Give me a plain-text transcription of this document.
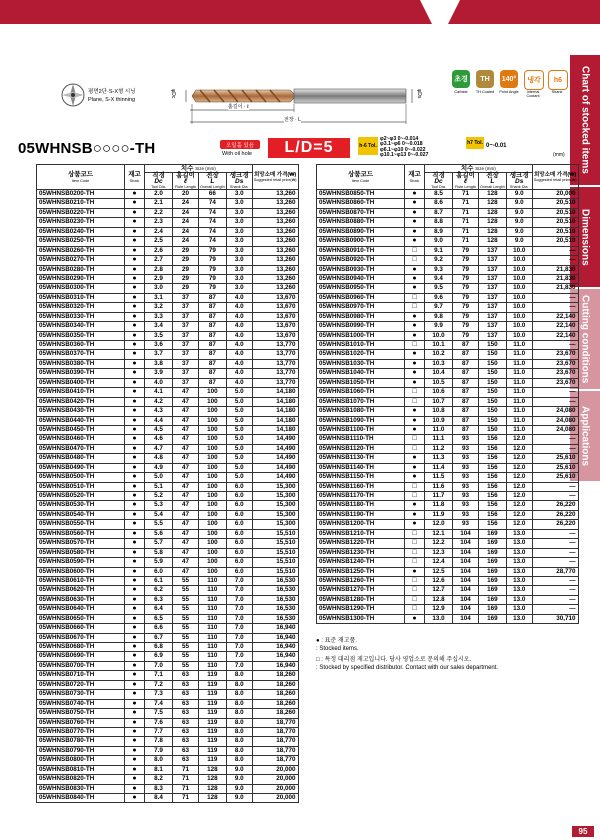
Chart of stocked items
Dimensions
Cutting conditions
Applications
95
평면2단·S-X형 시닝
Plane, S-X thinning
φDc	φDs
홈길이 · ℓ
전장 · L
초경
Carbide
TH
TH Coated
140°
Point Angle
냉각
Internal Coolant
h6
Shank
05WHNSB○○○○-TH	오일홀 있음
With oil hole	L/D=5	h-6 Tol.
φ2~φ3 0~-0.014
φ3.1~φ6 0~-0.018
φ6.1~φ10 0~-0.022
φ10.1~φ13 0~-0.027
h7 Tol. 0~-0.01
(mm)
상품코드
Item Code	재고
Stock	치수 Size (mm)				희망소매 가격(₩)
Suggested retail price(₩)

		직경
Dc
Tool Dia.	홈길이
ℓ
Flute Length	전장
L
Overall Length	생크경
Ds
Shank Dia.	

05WHNSB0200-TH	●	2.0	20	66	3.0	13,260
05WHNSB0210-TH	●	2.1	24	74	3.0	13,260
05WHNSB0220-TH	●	2.2	24	74	3.0	13,260
05WHNSB0230-TH	●	2.3	24	74	3.0	13,260
05WHNSB0240-TH	●	2.4	24	74	3.0	13,260
05WHNSB0250-TH	●	2.5	24	74	3.0	13,260
05WHNSB0260-TH	●	2.6	29	79	3.0	13,260
05WHNSB0270-TH	●	2.7	29	79	3.0	13,260
05WHNSB0280-TH	●	2.8	29	79	3.0	13,260
05WHNSB0290-TH	●	2.9	29	79	3.0	13,260
05WHNSB0300-TH	●	3.0	29	79	3.0	13,260
05WHNSB0310-TH	●	3.1	37	87	4.0	13,670
05WHNSB0320-TH	●	3.2	37	87	4.0	13,670
05WHNSB0330-TH	●	3.3	37	87	4.0	13,670
05WHNSB0340-TH	●	3.4	37	87	4.0	13,670
05WHNSB0350-TH	●	3.5	37	87	4.0	13,670
05WHNSB0360-TH	●	3.6	37	87	4.0	13,770
05WHNSB0370-TH	●	3.7	37	87	4.0	13,770
05WHNSB0380-TH	●	3.8	37	87	4.0	13,770
05WHNSB0390-TH	●	3.9	37	87	4.0	13,770
05WHNSB0400-TH	●	4.0	37	87	4.0	13,770
05WHNSB0410-TH	●	4.1	47	100	5.0	14,180
05WHNSB0420-TH	●	4.2	47	100	5.0	14,180
05WHNSB0430-TH	●	4.3	47	100	5.0	14,180
05WHNSB0440-TH	●	4.4	47	100	5.0	14,180
05WHNSB0450-TH	●	4.5	47	100	5.0	14,180
05WHNSB0460-TH	●	4.6	47	100	5.0	14,490
05WHNSB0470-TH	●	4.7	47	100	5.0	14,490
05WHNSB0480-TH	●	4.8	47	100	5.0	14,490
05WHNSB0490-TH	●	4.9	47	100	5.0	14,490
05WHNSB0500-TH	●	5.0	47	100	5.0	14,490
05WHNSB0510-TH	●	5.1	47	100	6.0	15,300
05WHNSB0520-TH	●	5.2	47	100	6.0	15,300
05WHNSB0530-TH	●	5.3	47	100	6.0	15,300
05WHNSB0540-TH	●	5.4	47	100	6.0	15,300
05WHNSB0550-TH	●	5.5	47	100	6.0	15,300
05WHNSB0560-TH	●	5.6	47	100	6.0	15,510
05WHNSB0570-TH	●	5.7	47	100	6.0	15,510
05WHNSB0580-TH	●	5.8	47	100	6.0	15,510
05WHNSB0590-TH	●	5.9	47	100	6.0	15,510
05WHNSB0600-TH	●	6.0	47	100	6.0	15,510
05WHNSB0610-TH	●	6.1	55	110	7.0	16,530
05WHNSB0620-TH	●	6.2	55	110	7.0	16,530
05WHNSB0630-TH	●	6.3	55	110	7.0	16,530
05WHNSB0640-TH	●	6.4	55	110	7.0	16,530
05WHNSB0650-TH	●	6.5	55	110	7.0	16,530
05WHNSB0660-TH	●	6.6	55	110	7.0	16,940
05WHNSB0670-TH	●	6.7	55	110	7.0	16,940
05WHNSB0680-TH	●	6.8	55	110	7.0	16,940
05WHNSB0690-TH	●	6.9	55	110	7.0	16,940
05WHNSB0700-TH	●	7.0	55	110	7.0	16,940
05WHNSB0710-TH	●	7.1	63	119	8.0	18,260
05WHNSB0720-TH	●	7.2	63	119	8.0	18,260
05WHNSB0730-TH	●	7.3	63	119	8.0	18,260
05WHNSB0740-TH	●	7.4	63	119	8.0	18,260
05WHNSB0750-TH	●	7.5	63	119	8.0	18,260
05WHNSB0760-TH	●	7.6	63	119	8.0	18,770
05WHNSB0770-TH	●	7.7	63	119	8.0	18,770
05WHNSB0780-TH	●	7.8	63	119	8.0	18,770
05WHNSB0790-TH	●	7.9	63	119	8.0	18,770
05WHNSB0800-TH	●	8.0	63	119	8.0	18,770
05WHNSB0810-TH	●	8.1	71	128	9.0	20,000
05WHNSB0820-TH	●	8.2	71	128	9.0	20,000
05WHNSB0830-TH	●	8.3	71	128	9.0	20,000
05WHNSB0840-TH	●	8.4	71	128	9.0	20,000
상품코드
Item Code	재고
Stock	치수 Size (mm)				희망소매 가격(₩)
Suggested retail price(₩)

		직경
Dc
Tool Dia.	홈길이
ℓ
Flute Length	전장
L
Overall Length	생크경
Ds
Shank Dia.	

05WHNSB0850-TH	●	8.5	71	128	9.0	20,000
05WHNSB0860-TH	●	8.6	71	128	9.0	20,510
05WHNSB0870-TH	●	8.7	71	128	9.0	20,510
05WHNSB0880-TH	●	8.8	71	128	9.0	20,510
05WHNSB0890-TH	●	8.9	71	128	9.0	20,510
05WHNSB0900-TH	●	9.0	71	128	9.0	20,510
05WHNSB0910-TH	□	9.1	79	137	10.0	—
05WHNSB0920-TH	□	9.2	79	137	10.0	—
05WHNSB0930-TH	●	9.3	79	137	10.0	21,830
05WHNSB0940-TH	●	9.4	79	137	10.0	21,830
05WHNSB0950-TH	●	9.5	79	137	10.0	21,830
05WHNSB0960-TH	□	9.6	79	137	10.0	—
05WHNSB0970-TH	□	9.7	79	137	10.0	—
05WHNSB0980-TH	●	9.8	79	137	10.0	22,140
05WHNSB0990-TH	●	9.9	79	137	10.0	22,140
05WHNSB1000-TH	●	10.0	79	137	10.0	22,140
05WHNSB1010-TH	□	10.1	87	150	11.0	—
05WHNSB1020-TH	●	10.2	87	150	11.0	23,670
05WHNSB1030-TH	●	10.3	87	150	11.0	23,670
05WHNSB1040-TH	●	10.4	87	150	11.0	23,670
05WHNSB1050-TH	●	10.5	87	150	11.0	23,670
05WHNSB1060-TH	□	10.6	87	150	11.0	—
05WHNSB1070-TH	□	10.7	87	150	11.0	—
05WHNSB1080-TH	●	10.8	87	150	11.0	24,080
05WHNSB1090-TH	●	10.9	87	150	11.0	24,080
05WHNSB1100-TH	●	11.0	87	150	11.0	24,080
05WHNSB1110-TH	□	11.1	93	156	12.0	—
05WHNSB1120-TH	□	11.2	93	156	12.0	—
05WHNSB1130-TH	●	11.3	93	156	12.0	25,610
05WHNSB1140-TH	●	11.4	93	156	12.0	25,610
05WHNSB1150-TH	●	11.5	93	156	12.0	25,610
05WHNSB1160-TH	□	11.6	93	156	12.0	—
05WHNSB1170-TH	□	11.7	93	156	12.0	—
05WHNSB1180-TH	●	11.8	93	156	12.0	26,220
05WHNSB1190-TH	●	11.9	93	156	12.0	26,220
05WHNSB1200-TH	●	12.0	93	156	12.0	26,220
05WHNSB1210-TH	□	12.1	104	169	13.0	—
05WHNSB1220-TH	□	12.2	104	169	13.0	—
05WHNSB1230-TH	□	12.3	104	169	13.0	—
05WHNSB1240-TH	□	12.4	104	169	13.0	—
05WHNSB1250-TH	●	12.5	104	169	13.0	28,770
05WHNSB1260-TH	□	12.6	104	169	13.0	—
05WHNSB1270-TH	□	12.7	104	169	13.0	—
05WHNSB1280-TH	□	12.8	104	169	13.0	—
05WHNSB1290-TH	□	12.9	104	169	13.0	—
05WHNSB1300-TH	●	13.0	104	169	13.0	30,710
● : 표준 재고품.
: Stocked items.
□ : 특정 대리점 재고입니다. 당사 영업소로 문의해 주십시오.
: Stocked by specified distributor. Contact with our sales department.
